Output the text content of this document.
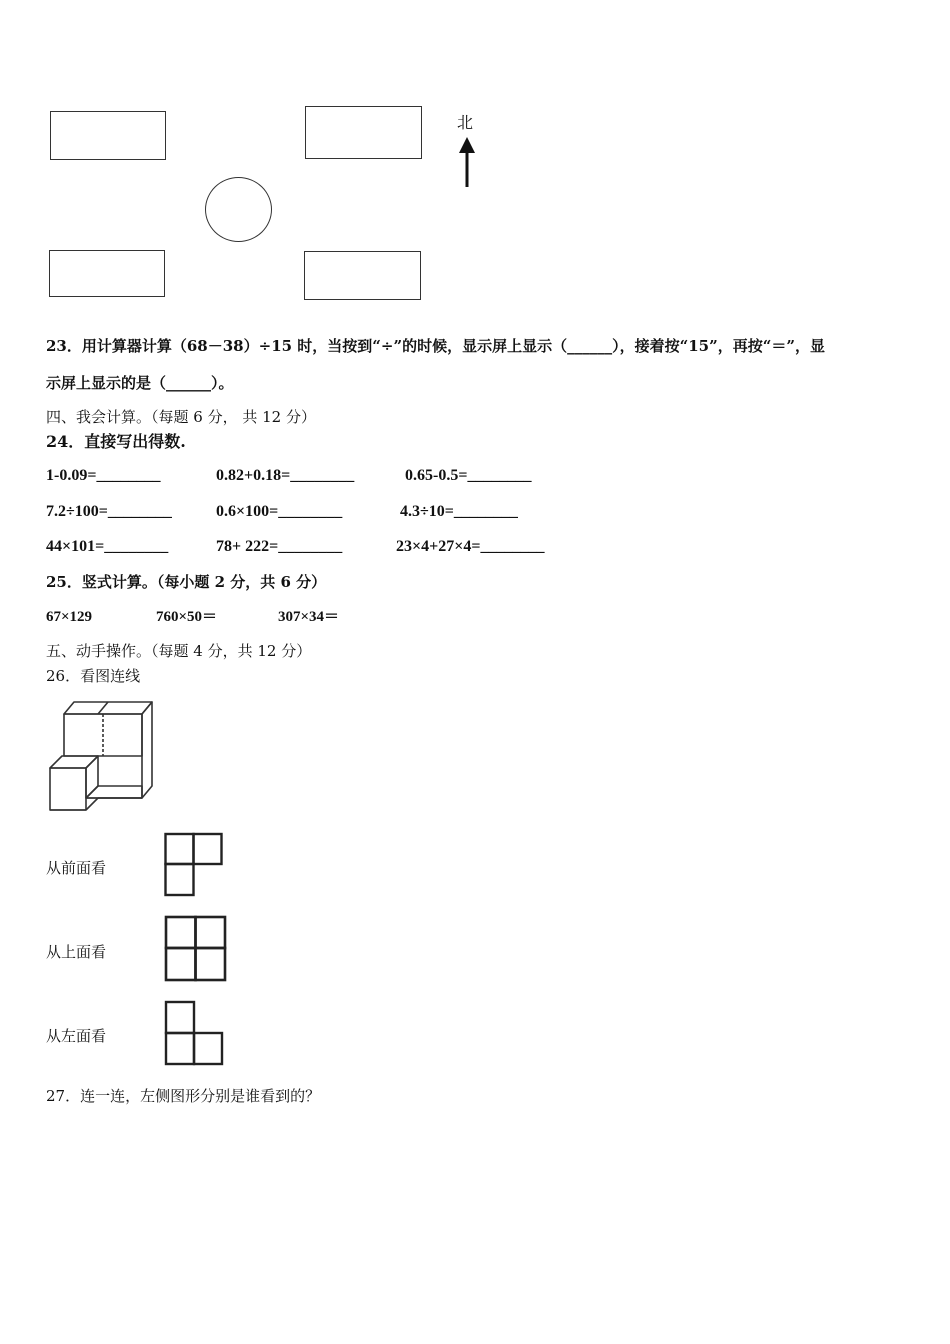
北
23．用计算器计算（68－38）÷15 时，当按到“÷”的时候，显示屏上显示（______），接着按“15”，再按“＝”，显
示屏上显示的是（______）。
四、我会计算。（每题 6 分， 共 12 分）
24．直接写出得数.
1-0.09=________	0.82+0.18=________	0.65-0.5=________
7.2÷100=________	0.6×100=________	4.3÷10=________
44×101=________	78+ 222=________	23×4+27×4=________
25．竖式计算。（每小题 2 分，共 6 分）
67×129	760×50＝	307×34＝
五、动手操作。（每题 4 分，共 12 分）
26．看图连线
从前面看
从上面看
从左面看
27．连一连，左侧图形分别是谁看到的？
